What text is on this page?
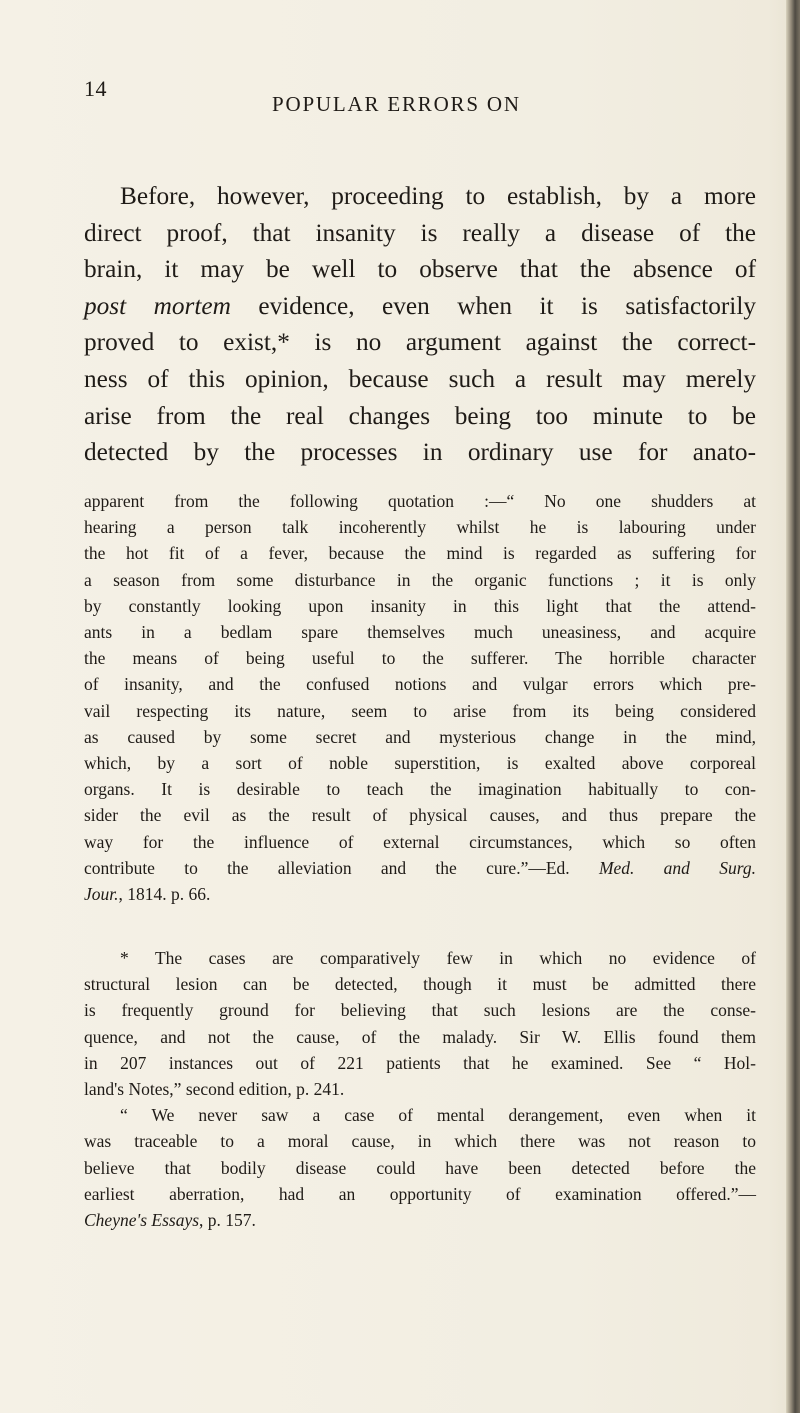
14
POPULAR ERRORS ON
Before, however, proceeding to establish, by a more
direct proof, that insanity is really a disease of the
brain, it may be well to observe that the absence of
post mortem evidence, even when it is satisfactorily
proved to exist,* is no argument against the correct-
ness of this opinion, because such a result may merely
arise from the real changes being too minute to be
detected by the processes in ordinary use for anato-
apparent from the following quotation :—“ No one shudders at
hearing a person talk incoherently whilst he is labouring under
the hot fit of a fever, because the mind is regarded as suffering for
a season from some disturbance in the organic functions ; it is only
by constantly looking upon insanity in this light that the attend-
ants in a bedlam spare themselves much uneasiness, and acquire
the means of being useful to the sufferer. The horrible character
of insanity, and the confused notions and vulgar errors which pre-
vail respecting its nature, seem to arise from its being considered
as caused by some secret and mysterious change in the mind,
which, by a sort of noble superstition, is exalted above corporeal
organs. It is desirable to teach the imagination habitually to con-
sider the evil as the result of physical causes, and thus prepare the
way for the influence of external circumstances, which so often
contribute to the alleviation and the cure.”—Ed. Med. and Surg.
Jour., 1814. p. 66.
* The cases are comparatively few in which no evidence of
structural lesion can be detected, though it must be admitted there
is frequently ground for believing that such lesions are the conse-
quence, and not the cause, of the malady. Sir W. Ellis found them
in 207 instances out of 221 patients that he examined. See “ Hol-
land's Notes,” second edition, p. 241.
“ We never saw a case of mental derangement, even when it
was traceable to a moral cause, in which there was not reason to
believe that bodily disease could have been detected before the
earliest aberration, had an opportunity of examination offered.”—
Cheyne's Essays, p. 157.
